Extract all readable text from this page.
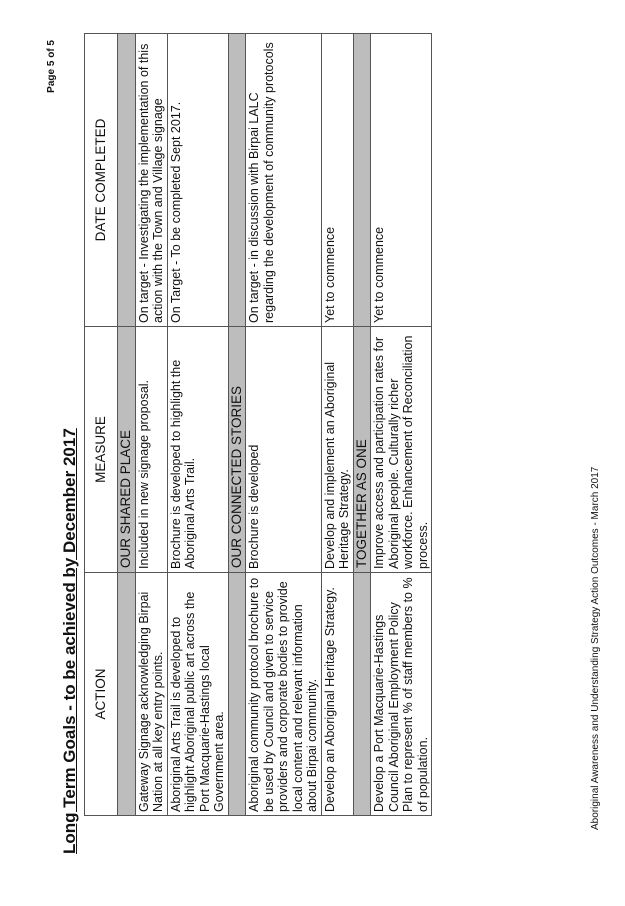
Long Term Goals - to be achieved by December 2017 ACTION	MEASURE	DATE COMPLETED
	OUR SHARED PLACE	
Gateway Signage acknowledging Birpai Nation at all key entry points.	Included in new signage proposal.	On target - Investigating the implementation of this action with the Town and Village signage
Aboriginal Arts Trail is developed to highlight Aboriginal public art across the Port Macquarie-Hastings local Government area.	Brochure is developed to highlight the Aboriginal Arts Trail.	On Target - To be completed Sept 2017.
	OUR CONNECTED STORIES	
Aboriginal community protocol brochure to be used by Council and given to service providers and corporate bodies to provide local content and relevant information about Birpai community.	Brochure is developed	On target - in discussion with Birpai LALC regarding the development of community protocols
Develop an Aboriginal Heritage Strategy.	Develop and implement an Aboriginal Heritage Strategy.	Yet to commence
	TOGETHER AS ONE	
Develop a Port Macquarie-Hastings Council Aboriginal Employment Policy Plan to represent % of staff members to % of population.	Improve access and participation rates for Aboriginal people. Culturally richer workforce. Enhancement of Reconciliation process.	Yet to commence
Aboriginal Awareness and Understanding Strategy Action Outcomes - March 2017
Page 5 of 5
